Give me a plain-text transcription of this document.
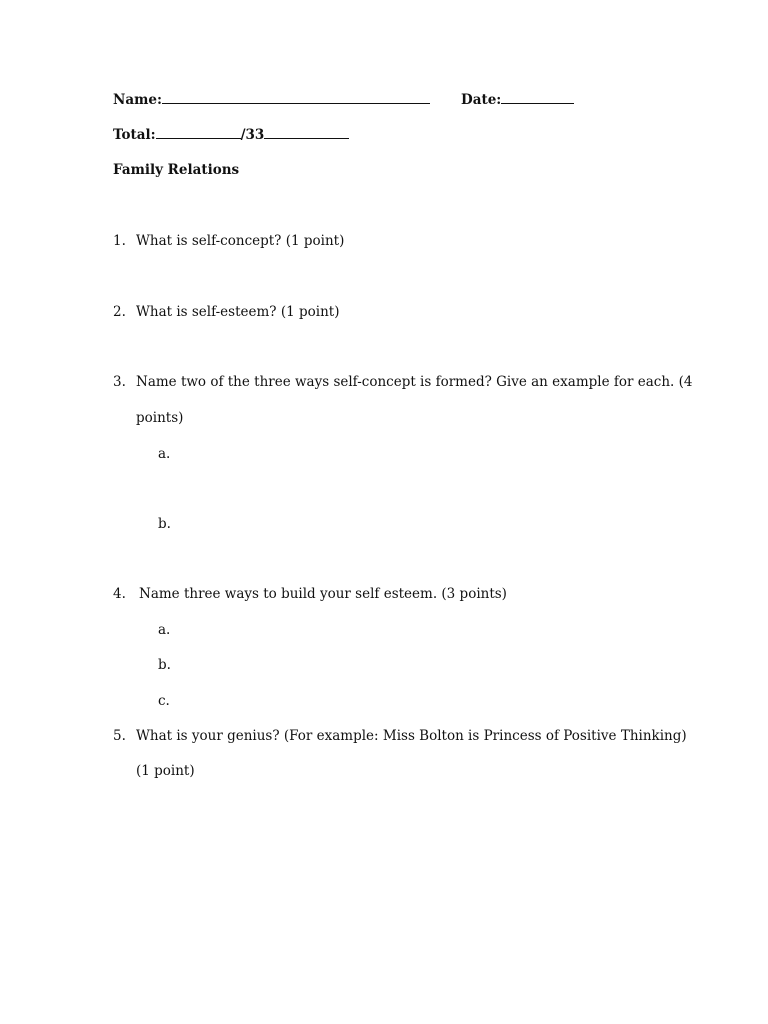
Name:	Date:
Total:	/33
Family Relations
1. What is self-concept? (1 point)
2. What is self-esteem? (1 point)
3. Name two of the three ways self-concept is formed? Give an example for each. (4
points)
a.
b.
4. Name three ways to build your self esteem. (3 points)
a.
b.
c.
5. What is your genius? (For example: Miss Bolton is Princess of Positive Thinking)
(1 point)
